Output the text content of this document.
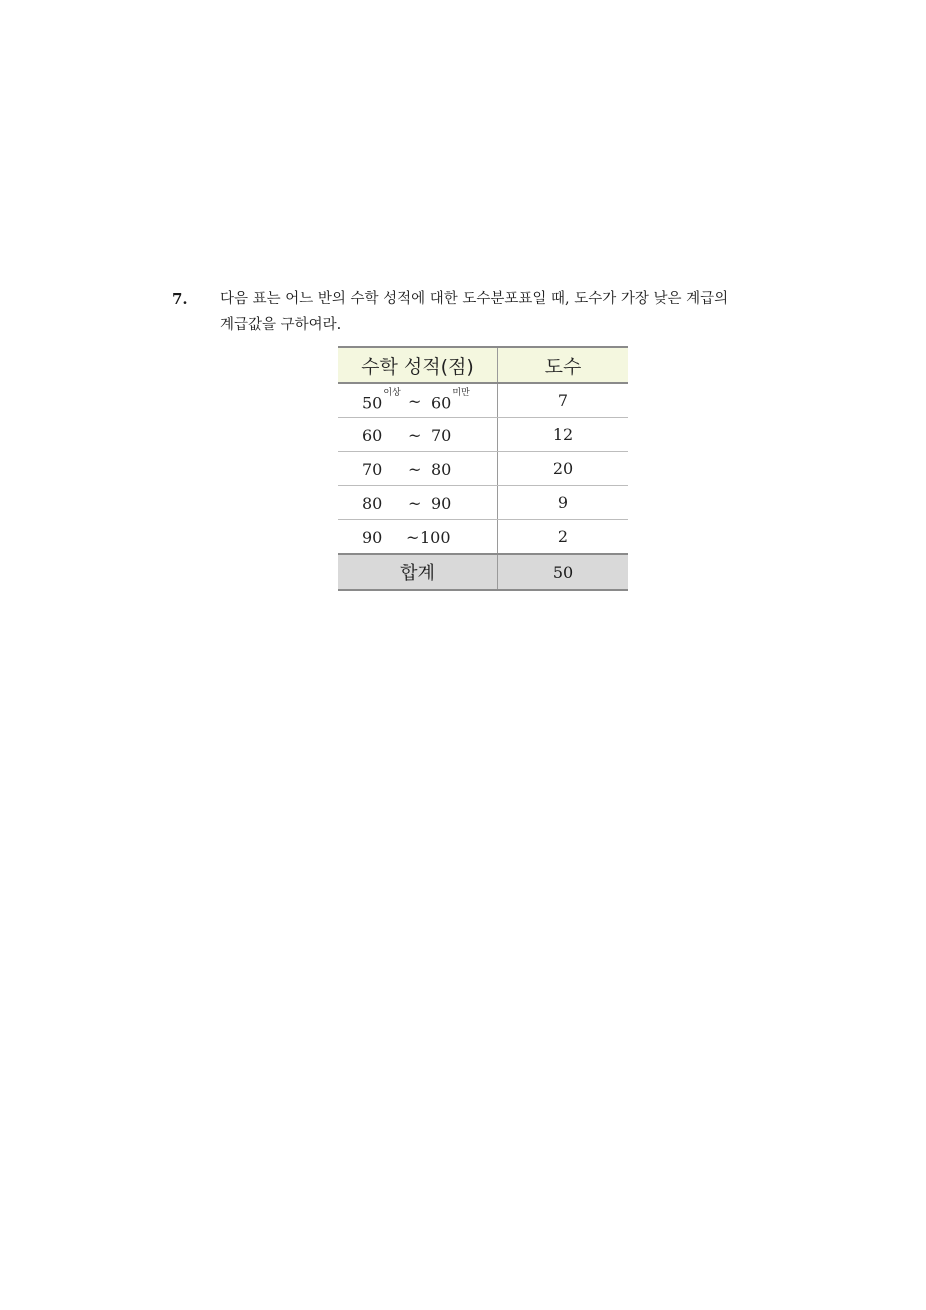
7. 다음 표는 어느 반의 수학 성적에 대한 도수분포표일 때, 도수가 가장 낮은 계급의
계급값을 구하여라.
수학 성적(점)	도수

$50^{이상}$ ~ $60^{미만}$	7

60 ~ 70	12

70 ~ 80	20

80 ~ 90	9

90 ~ 100	2
합계	50
